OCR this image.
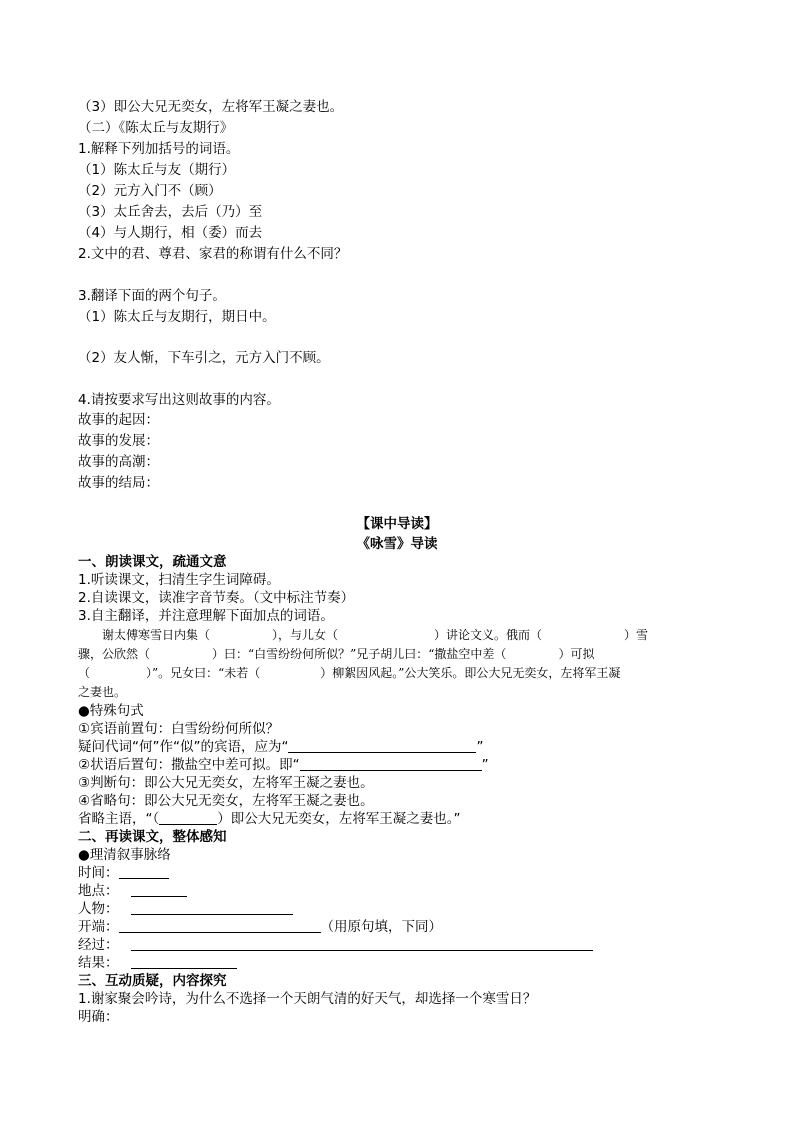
（3）即公大兄无奕女，左将军王凝之妻也。
（二）《陈太丘与友期行》
1.解释下列加括号的词语。
（1）陈太丘与友（期行）
（2）元方入门不（顾）
（3）太丘舍去，去后（乃）至
（4）与人期行，相（委）而去
2.文中的君、尊君、家君的称谓有什么不同？
3.翻译下面的两个句子。
（1）陈太丘与友期行，期日中。
（2）友人惭，下车引之，元方入门不顾。
4.请按要求写出这则故事的内容。
故事的起因：
故事的发展：
故事的高潮：
故事的结局：
【课中导读】
《咏雪》导读
一、朗读课文，疏通文意
1.听读课文，扫清生字生词障碍。
2.自读课文，读准字音节奏。（文中标注节奏）
3.自主翻译，并注意理解下面加点的词语。
谢太傅寒雪日内集（	），与儿女（	）讲论文义。俄而（	）雪
骤，公欣然（	）曰：“白雪纷纷何所似？”兄子胡儿曰：“撒盐空中差（	）可拟
（	）”。兄女曰：“未若（	）柳絮因风起。”公大笑乐。即公大兄无奕女，左将军王凝
之妻也。
●特殊句式
①宾语前置句：白雪纷纷何所似？
疑问代词“何”作“似”的宾语，应为“	”
②状语后置句：撒盐空中差可拟。即“	”
③判断句：即公大兄无奕女，左将军王凝之妻也。
④省略句：即公大兄无奕女，左将军王凝之妻也。
省略主语，“（	）即公大兄无奕女，左将军王凝之妻也。”
二、再读课文，整体感知
●理清叙事脉络
时间：
地点：
人物：
开端：	（用原句填，下同）
经过：
结果：
三、互动质疑，内容探究
1.谢家聚会吟诗，为什么不选择一个天朗气清的好天气，却选择一个寒雪日？
明确：
